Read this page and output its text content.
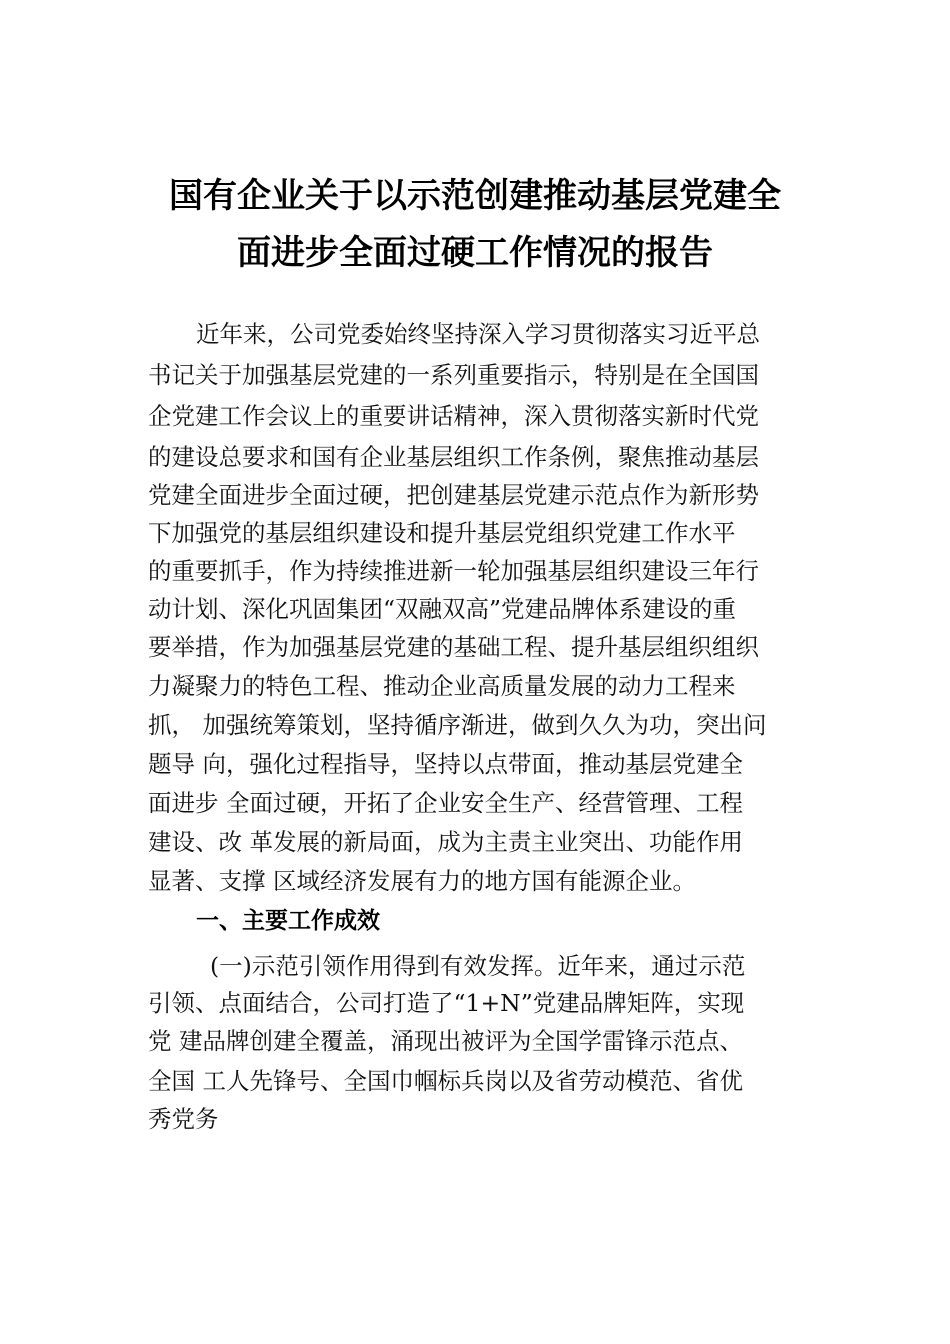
国有企业关于以示范创建推动基层党建全
面进步全面过硬工作情况的报告
近年来，公司党委始终坚持深入学习贯彻落实习近平总
书记关于加强基层党建的一系列重要指示，特别是在全国国
企党建工作会议上的重要讲话精神，深入贯彻落实新时代党
的建设总要求和国有企业基层组织工作条例，聚焦推动基层
党建全面进步全面过硬，把创建基层党建示范点作为新形势
下加强党的基层组织建设和提升基层党组织党建工作水平
的重要抓手，作为持续推进新一轮加强基层组织建设三年行
动计划、深化巩固集团“双融双高”党建品牌体系建设的重
要举措，作为加强基层党建的基础工程、提升基层组织组织
力凝聚力的特色工程、推动企业高质量发展的动力工程来
抓， 加强统筹策划，坚持循序渐进，做到久久为功，突出问
题导 向，强化过程指导，坚持以点带面，推动基层党建全
面进步 全面过硬，开拓了企业安全生产、经营管理、工程
建设、改 革发展的新局面，成为主责主业突出、功能作用
显著、支撑 区域经济发展有力的地方国有能源企业。
一、主要工作成效
(一)示范引领作用得到有效发挥。近年来，通过示范
引领、点面结合，公司打造了“1+N”党建品牌矩阵，实现
党 建品牌创建全覆盖，涌现出被评为全国学雷锋示范点、
全国 工人先锋号、全国巾帼标兵岗以及省劳动模范、省优
秀党务
